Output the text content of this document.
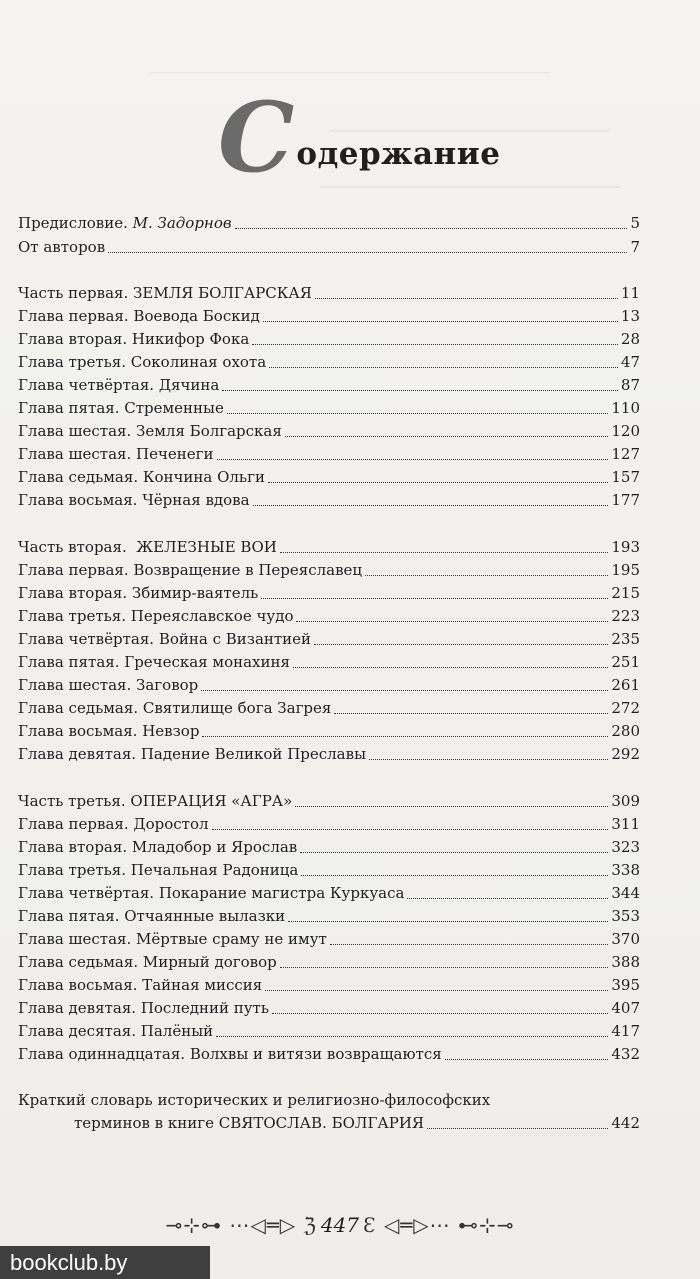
С одержание
Предисловие. М. Задорнов	5
От авторов	7
Часть первая. ЗЕМЛЯ БОЛГАРСКАЯ	11
Глава первая. Воевода Боскид	13
Глава вторая. Никифор Фока	28
Глава третья. Соколиная охота	47
Глава четвёртая. Дячина	87
Глава пятая. Стременные	110
Глава шестая. Земля Болгарская	120
Глава шестая. Печенеги	127
Глава седьмая. Кончина Ольги	157
Глава восьмая. Чёрная вдова	177
Часть вторая.  ЖЕЛЕЗНЫЕ ВОИ	193
Глава первая. Возвращение в Переяславец	195
Глава вторая. Збимир-ваятель	215
Глава третья. Переяславское чудо	223
Глава четвёртая. Война с Византией	235
Глава пятая. Греческая монахиня	251
Глава шестая. Заговор	261
Глава седьмая. Святилище бога Загрея	272
Глава восьмая. Невзор	280
Глава девятая. Падение Великой Преславы	292
Часть третья. ОПЕРАЦИЯ «АГРА»	309
Глава первая. Доростол	311
Глава вторая. Младобор и Ярослав	323
Глава третья. Печальная Радоница	338
Глава четвёртая. Покарание магистра Куркуаса	344
Глава пятая. Отчаянные вылазки	353
Глава шестая. Мёртвые сраму не имут	370
Глава седьмая. Мирный договор	388
Глава восьмая. Тайная миссия	395
Глава девятая. Последний путь	407
Глава десятая. Палёный	417
Глава одиннадцатая. Волхвы и витязи возвращаются	432
Краткий словарь исторических и религиозно-философских
терминов в книге СВЯТОСЛАВ. БОЛГАРИЯ	442
⊸⊹⊶ ⋯◁═▷ ℨ 447 Ɛ ◁═▷⋯ ⊷⊹⊸
bookclub.by
